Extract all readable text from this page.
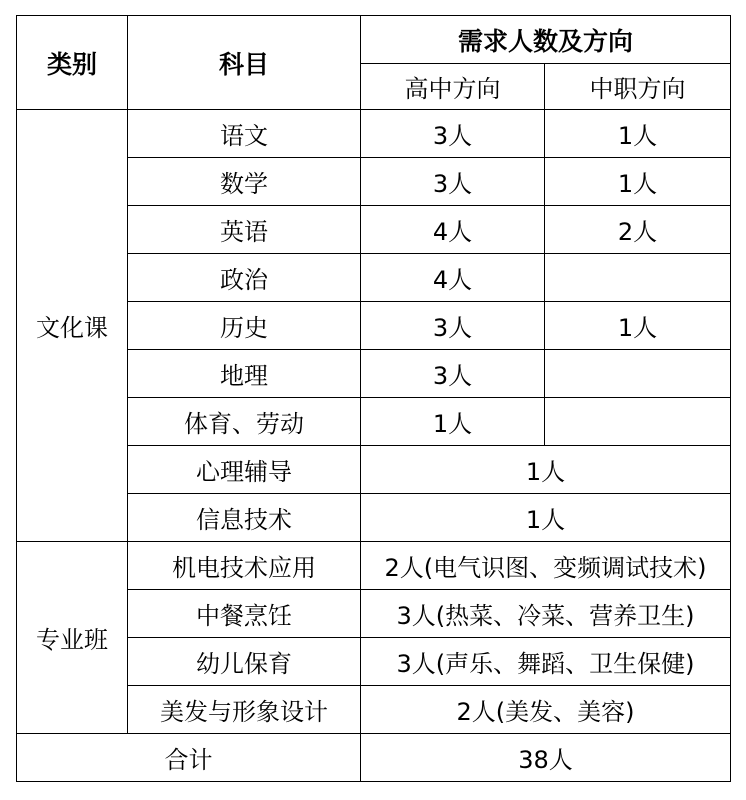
类别	科目	需求人数及方向	
		高中方向	中职方向
文化课	语文	3人	1人
	数学	3人	1人
	英语	4人	2人
	政治	4人	
	历史	3人	1人
	地理	3人	
	体育、劳动	1人	
	心理辅导	1人	
	信息技术	1人	
专业班	机电技术应用	2人(电气识图、变频调试技术)	
	中餐烹饪	3人(热菜、冷菜、营养卫生)	
	幼儿保育	3人(声乐、舞蹈、卫生保健)	
	美发与形象设计	2人(美发、美容)	
合计		38人	
